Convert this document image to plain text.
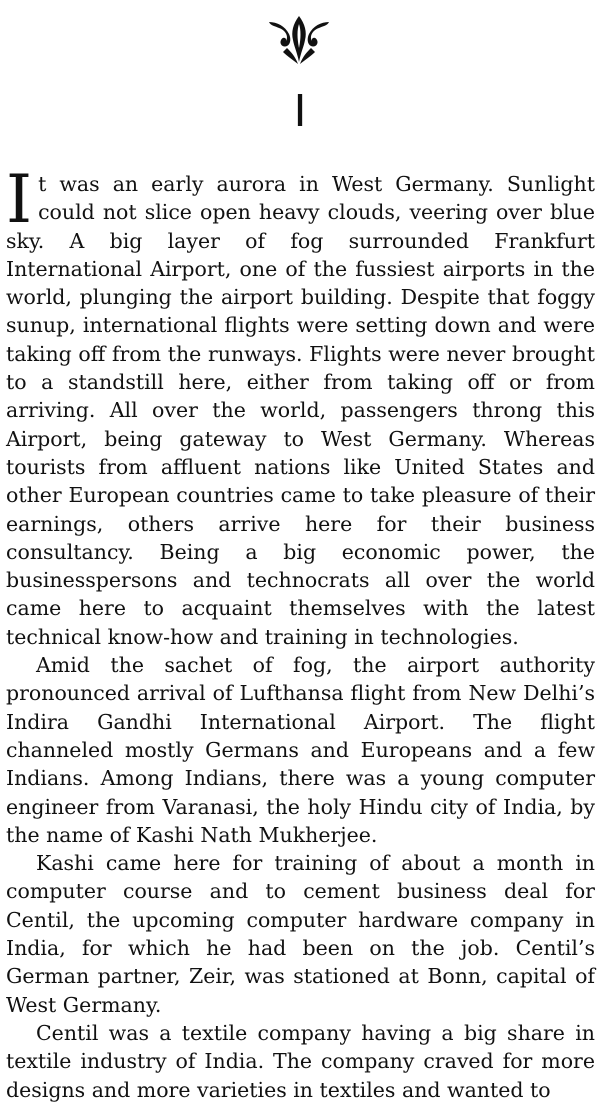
I

It was an early aurora in West Germany. Sunlight could not slice open heavy clouds, veering over blue sky. A big layer of fog surrounded Frankfurt International Airport, one of the fussiest airports in the world, plunging the airport building. Despite that foggy sunup, international flights were setting down and were taking off from the runways. Flights were never brought to a standstill here, either from taking off or from arriving. All over the world, passengers throng this Airport, being gateway to West Germany. Whereas tourists from affluent nations like United States and other European countries came to take pleasure of their earnings, others arrive here for their business consultancy. Being a big economic power, the businesspersons and technocrats all over the world came here to acquaint themselves with the latest technical know-how and training in technologies.

Amid the sachet of fog, the airport authority pronounced arrival of Lufthansa flight from New Delhi’s Indira Gandhi International Airport. The flight channeled mostly Germans and Europeans and a few Indians. Among Indians, there was a young computer engineer from Varanasi, the holy Hindu city of India, by the name of Kashi Nath Mukherjee.

Kashi came here for training of about a month in computer course and to cement business deal for Centil, the upcoming computer hardware company in India, for which he had been on the job. Centil’s German partner, Zeir, was stationed at Bonn, capital of West Germany.

Centil was a textile company having a big share in textile industry of India. The company craved for more designs and more varieties in textiles and wanted to
